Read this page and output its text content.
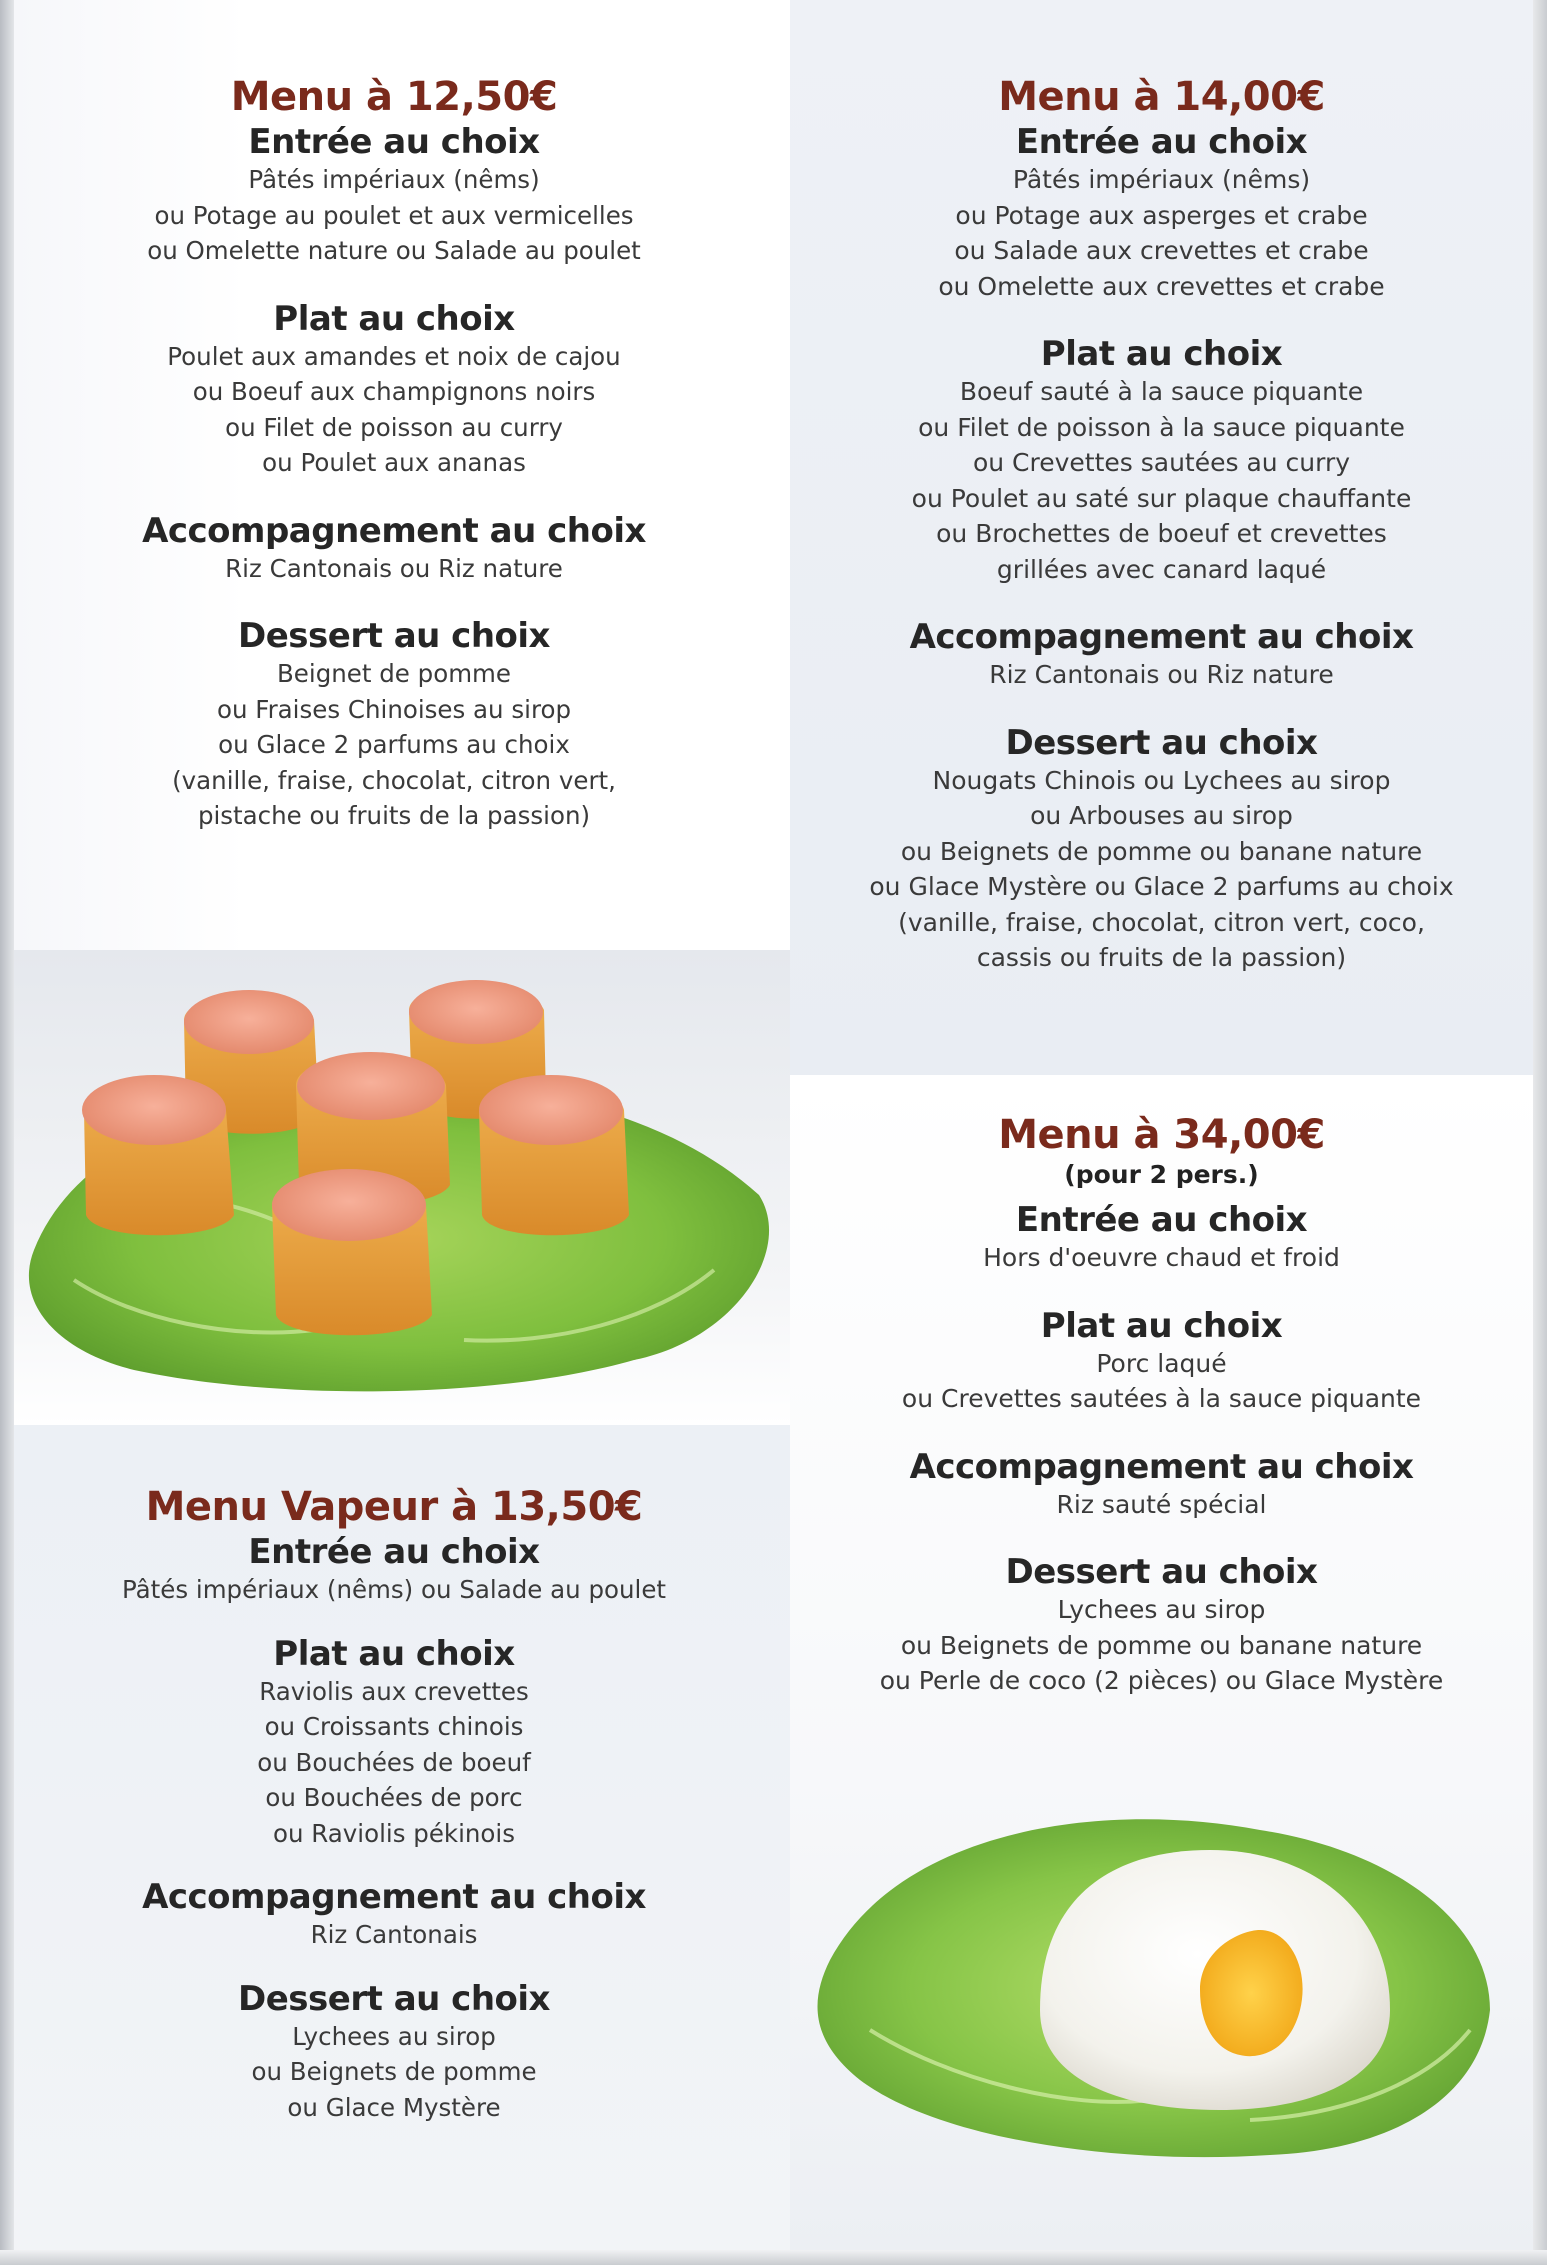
Menu à 12,50€
Entrée au choix
Pâtés impériaux (nêms)
ou Potage au poulet et aux vermicelles
ou Omelette nature ou Salade au poulet
Plat au choix
Poulet aux amandes et noix de cajou
ou Boeuf aux champignons noirs
ou Filet de poisson au curry
ou Poulet aux ananas
Accompagnement au choix
Riz Cantonais ou Riz nature
Dessert au choix
Beignet de pomme
ou Fraises Chinoises au sirop
ou Glace 2 parfums au choix
(vanille, fraise, chocolat, citron vert,
pistache ou fruits de la passion)
Menu à 14,00€
Entrée au choix
Pâtés impériaux (nêms)
ou Potage aux asperges et crabe
ou Salade aux crevettes et crabe
ou Omelette aux crevettes et crabe
Plat au choix
Boeuf sauté à la sauce piquante
ou Filet de poisson à la sauce piquante
ou Crevettes sautées au curry
ou Poulet au saté sur plaque chauffante
ou Brochettes de boeuf et crevettes
grillées avec canard laqué
Accompagnement au choix
Riz Cantonais ou Riz nature
Dessert au choix
Nougats Chinois ou Lychees au sirop
ou Arbouses au sirop
ou Beignets de pomme ou banane nature
ou Glace Mystère ou Glace 2 parfums au choix
(vanille, fraise, chocolat, citron vert, coco,
cassis ou fruits de la passion)
Menu à 34,00€
(pour 2 pers.)
Entrée au choix
Hors d'oeuvre chaud et froid
Plat au choix
Porc laqué
ou Crevettes sautées à la sauce piquante
Accompagnement au choix
Riz sauté spécial
Dessert au choix
Lychees au sirop
ou Beignets de pomme ou banane nature
ou Perle de coco (2 pièces) ou Glace Mystère
Menu Vapeur à 13,50€
Entrée au choix
Pâtés impériaux (nêms) ou Salade au poulet
Plat au choix
Raviolis aux crevettes
ou Croissants chinois
ou Bouchées de boeuf
ou Bouchées de porc
ou Raviolis pékinois
Accompagnement au choix
Riz Cantonais
Dessert au choix
Lychees au sirop
ou Beignets de pomme
ou Glace Mystère
